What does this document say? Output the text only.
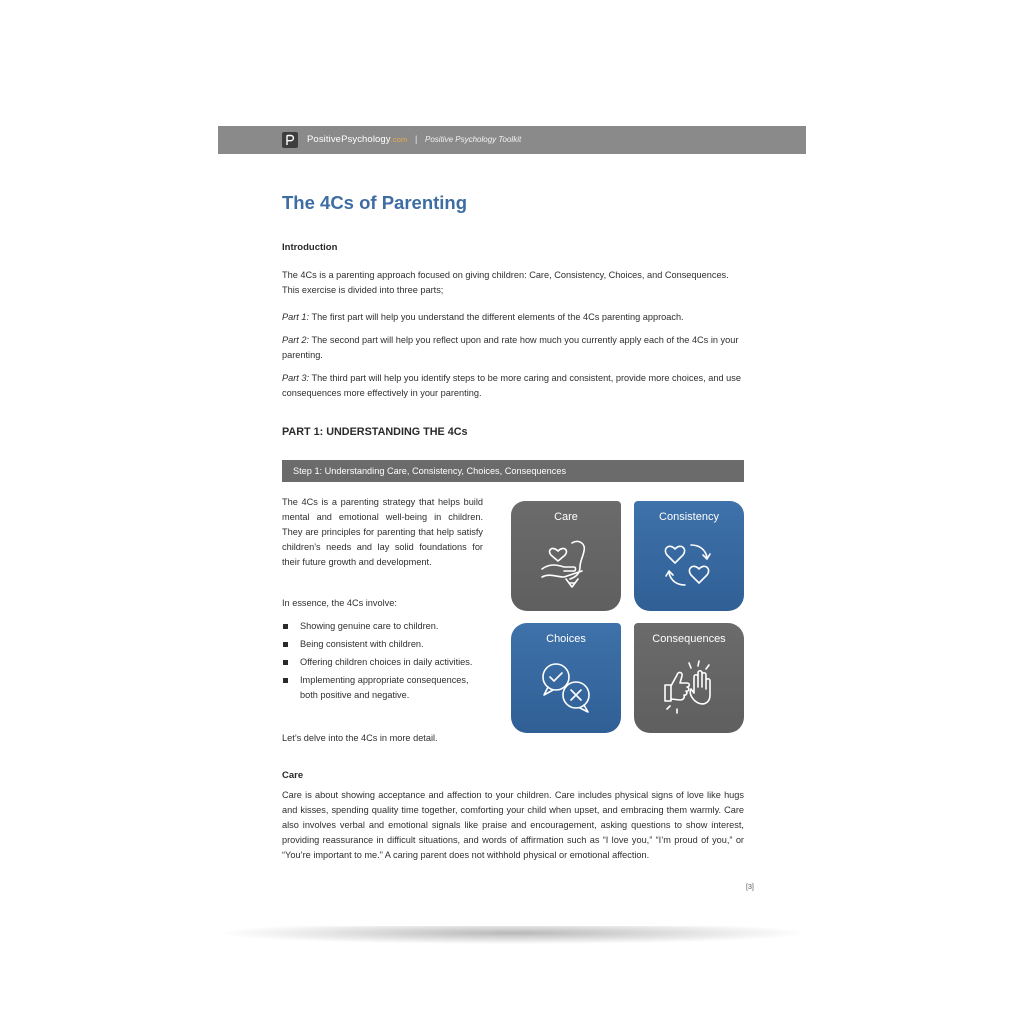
PositivePsychology.com | Positive Psychology Toolkit
The 4Cs of Parenting
Introduction

The 4Cs is a parenting approach focused on giving children: Care, Consistency, Choices, and Consequences. This exercise is divided into three parts;

Part 1: The first part will help you understand the different elements of the 4Cs parenting approach.

Part 2: The second part will help you reflect upon and rate how much you currently apply each of the 4Cs in your parenting.

Part 3: The third part will help you identify steps to be more caring and consistent, provide more choices, and use consequences more effectively in your parenting.

PART 1: UNDERSTANDING THE 4Cs
Step 1: Understanding Care, Consistency, Choices, Consequences

The 4Cs is a parenting strategy that helps build mental and emotional well-being in children. They are principles for parenting that help satisfy children’s needs and lay solid foundations for their future growth and development.

In essence, the 4Cs involve:

Showing genuine care to children.
Being consistent with children.
Offering children choices in daily activities.
Implementing appropriate consequences, both positive and negative.

Let’s delve into the 4Cs in more detail.

Care	Consistency
Choices	Consequences
Care

Care is about showing acceptance and affection to your children. Care includes physical signs of love like hugs and kisses, spending quality time together, comforting your child when upset, and embracing them warmly. Care also involves verbal and emotional signals like praise and encouragement, asking questions to show interest, providing reassurance in difficult situations, and words of affirmation such as “I love you,” “I’m proud of you,” or “You’re important to me.” A caring parent does not withhold physical or emotional affection.

[3]
